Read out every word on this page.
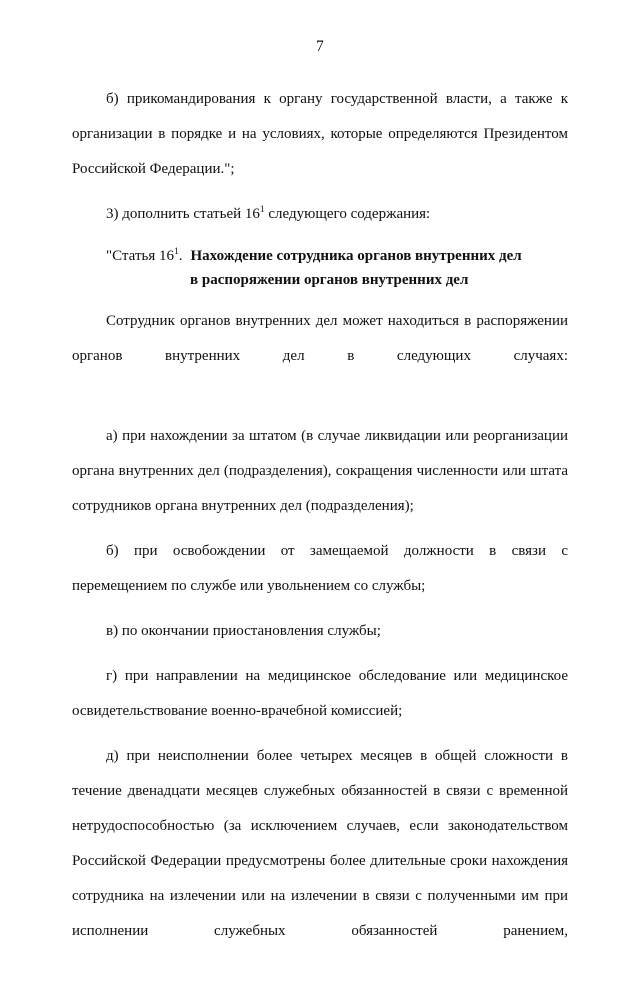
7

б) прикомандирования к органу государственной власти, а также к организации в порядке и на условиях, которые определяются Президентом Российской Федерации.";

3) дополнить статьей $16^1$ следующего содержания:

"Статья $16^1$. Нахождение сотрудника органов внутренних дел
в распоряжении органов внутренних дел

Сотрудник органов внутренних дел может находиться в распоряжении органов внутренних дел в следующих случаях:

а) при нахождении за штатом (в случае ликвидации или реорганизации органа внутренних дел (подразделения), сокращения численности или штата сотрудников органа внутренних дел (подразделения);

б) при освобождении от замещаемой должности в связи с перемещением по службе или увольнением со службы;

в) по окончании приостановления службы;

г) при направлении на медицинское обследование или медицинское освидетельствование военно-врачебной комиссией;

д) при неисполнении более четырех месяцев в общей сложности в течение двенадцати месяцев служебных обязанностей в связи с временной нетрудоспособностью (за исключением случаев, если законодательством Российской Федерации предусмотрены более длительные сроки нахождения сотрудника на излечении или на излечении в связи с полученными им при исполнении служебных обязанностей ранением,
